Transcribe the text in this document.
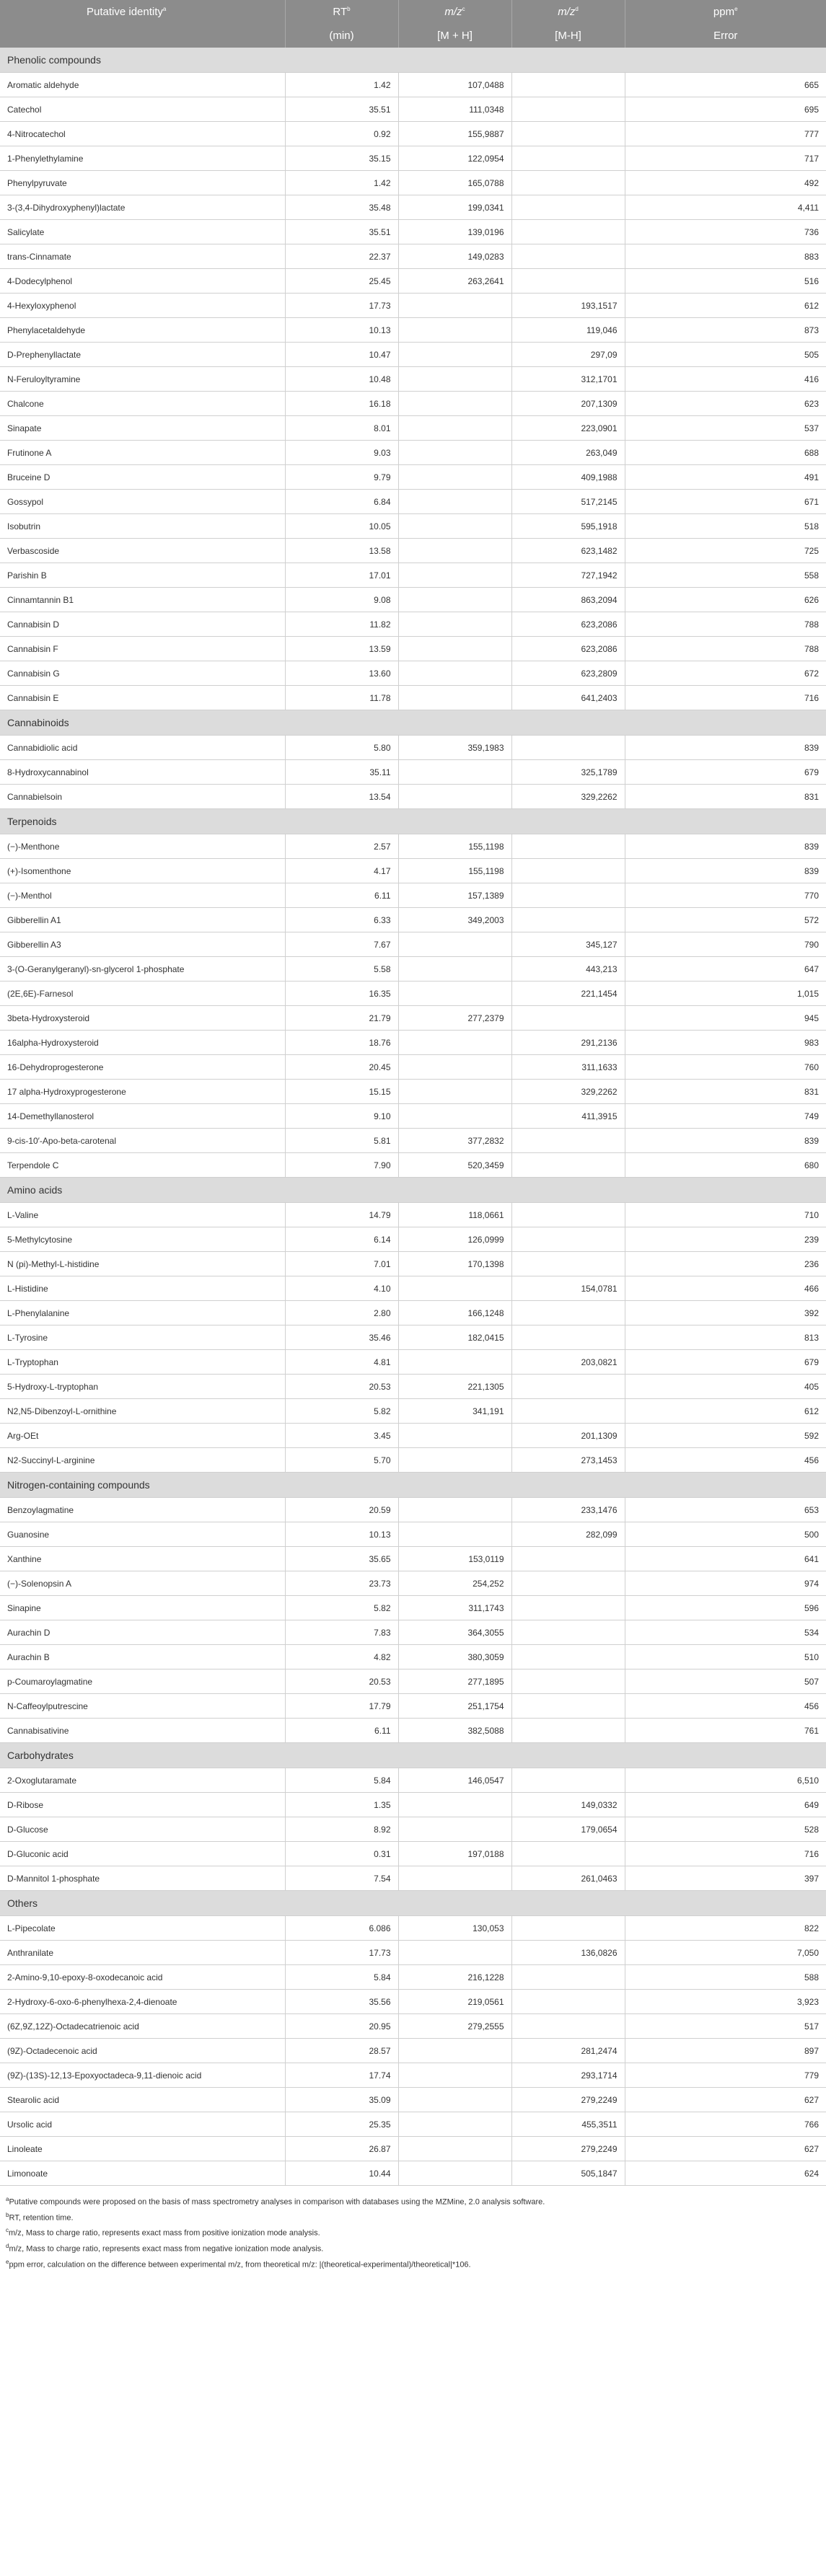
Putative identity$^a$	$RT^b$	$m/z^c$	$m/z^d$	ppm$^e$
	(min)	[M + H]	[M-H]	Error
Phenolic compounds				
Aromatic aldehyde	1.42	107,0488		665
Catechol	35.51	111,0348		695
4-Nitrocatechol	0.92	155,9887		777
1-Phenylethylamine	35.15	122,0954		717
Phenylpyruvate	1.42	165,0788		492
3-(3,4-Dihydroxyphenyl)lactate	35.48	199,0341		4,411
Salicylate	35.51	139,0196		736
trans-Cinnamate	22.37	149,0283		883
4-Dodecylphenol	25.45	263,2641		516
4-Hexyloxyphenol	17.73		193,1517	612
Phenylacetaldehyde	10.13		119,046	873
D-Prephenyllactate	10.47		297,09	505
N-Feruloyltyramine	10.48		312,1701	416
Chalcone	16.18		207,1309	623
Sinapate	8.01		223,0901	537
Frutinone A	9.03		263,049	688
Bruceine D	9.79		409,1988	491
Gossypol	6.84		517,2145	671
Isobutrin	10.05		595,1918	518
Verbascoside	13.58		623,1482	725
Parishin B	17.01		727,1942	558
Cinnamtannin B1	9.08		863,2094	626
Cannabisin D	11.82		623,2086	788
Cannabisin F	13.59		623,2086	788
Cannabisin G	13.60		623,2809	672
Cannabisin E	11.78		641,2403	716
Cannabinoids				
Cannabidiolic acid	5.80	359,1983		839
8-Hydroxycannabinol	35.11		325,1789	679
Cannabielsoin	13.54		329,2262	831
Terpenoids				
(−)-Menthone	2.57	155,1198		839
(+)-Isomenthone	4.17	155,1198		839
(−)-Menthol	6.11	157,1389		770
Gibberellin A1	6.33	349,2003		572
Gibberellin A3	7.67		345,127	790
3-(O-Geranylgeranyl)-sn-glycerol 1-phosphate	5.58		443,213	647
(2E,6E)-Farnesol	16.35		221,1454	1,015
3beta-Hydroxysteroid	21.79	277,2379		945
16alpha-Hydroxysteroid	18.76		291,2136	983
16-Dehydroprogesterone	20.45		311,1633	760
17 alpha-Hydroxyprogesterone	15.15		329,2262	831
14-Demethyllanosterol	9.10		411,3915	749
9-cis-10′-Apo-beta-carotenal	5.81	377,2832		839
Terpendole C	7.90	520,3459		680
Amino acids				
L-Valine	14.79	118,0661		710
5-Methylcytosine	6.14	126,0999		239
N (pi)-Methyl-L-histidine	7.01	170,1398		236
L-Histidine	4.10		154,0781	466
L-Phenylalanine	2.80	166,1248		392
L-Tyrosine	35.46	182,0415		813
L-Tryptophan	4.81		203,0821	679
5-Hydroxy-L-tryptophan	20.53	221,1305		405
N2,N5-Dibenzoyl-L-ornithine	5.82	341,191		612
Arg-OEt	3.45		201,1309	592
N2-Succinyl-L-arginine	5.70		273,1453	456
Nitrogen-containing compounds				
Benzoylagmatine	20.59		233,1476	653
Guanosine	10.13		282,099	500
Xanthine	35.65	153,0119		641
(−)-Solenopsin A	23.73	254,252		974
Sinapine	5.82	311,1743		596
Aurachin D	7.83	364,3055		534
Aurachin B	4.82	380,3059		510
p-Coumaroylagmatine	20.53	277,1895		507
N-Caffeoylputrescine	17.79	251,1754		456
Cannabisativine	6.11	382,5088		761
Carbohydrates				
2-Oxoglutaramate	5.84	146,0547		6,510
D-Ribose	1.35		149,0332	649
D-Glucose	8.92		179,0654	528
D-Gluconic acid	0.31	197,0188		716
D-Mannitol 1-phosphate	7.54		261,0463	397
Others				
L-Pipecolate	6.086	130,053		822
Anthranilate	17.73		136,0826	7,050
2-Amino-9,10-epoxy-8-oxodecanoic acid	5.84	216,1228		588
2-Hydroxy-6-oxo-6-phenylhexa-2,4-dienoate	35.56	219,0561		3,923
(6Z,9Z,12Z)-Octadecatrienoic acid	20.95	279,2555		517
(9Z)-Octadecenoic acid	28.57		281,2474	897
(9Z)-(13S)-12,13-Epoxyoctadeca-9,11-dienoic acid	17.74		293,1714	779
Stearolic acid	35.09		279,2249	627
Ursolic acid	25.35		455,3511	766
Linoleate	26.87		279,2249	627
Limonoate	10.44		505,1847	624
$^a$Putative compounds were proposed on the basis of mass spectrometry analyses in comparison with databases using the MZMine, 2.0 analysis software.
$^b$RT, retention time.
$^c$m/z, Mass to charge ratio, represents exact mass from positive ionization mode analysis.
$^d$m/z, Mass to charge ratio, represents exact mass from negative ionization mode analysis.
$^e$ppm error, calculation on the difference between experimental m/z, from theoretical m/z: |(theoretical-experimental)/theoretical|*106.
